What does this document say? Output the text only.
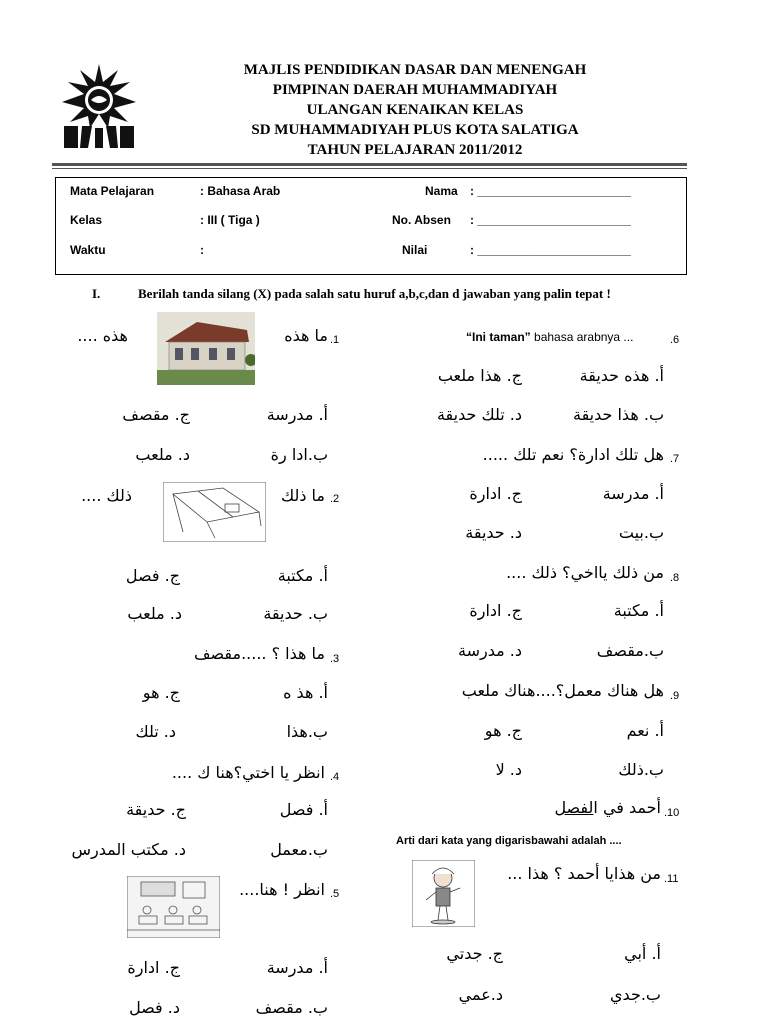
MAJLIS PENDIDIKAN DASAR DAN MENENGAH
PIMPINAN DAERAH MUHAMMADIYAH
ULANGAN KENAIKAN KELAS
SD MUHAMMADIYAH PLUS KOTA SALATIGA
TAHUN PELAJARAN 2011/2012
Mata Pelajaran	: Bahasa Arab
Kelas	: III ( Tiga )
Waktu	:
Nama : _______________________
No. Absen : _______________________
Nilai	: _______________________
I.	Berilah tanda silang (X) pada salah satu huruf a,b,c,dan d jawaban yang palin tepat !
.1
ما هذه
هذه ....
أ. مدرسة
ج. مقصف
ب.ادا رة
د. ملعب
.2
ما ذلك
ذلك ....
أ. مكتبة
ج. فصل
ب. حديقة
د. ملعب
.3
ما هذا ؟ .....مقصف
أ. هذ ه
ج. هو
ب.هذا
د. تلك
.4
انظر يا اختي؟هنا ك ....
أ. فصل
ج. حديقة
ب.معمل
د. مكتب المدرس
.5
انظر ! هنا....
أ. مدرسة
ج. ادارة
ب. مقصف
د. فصل
.6
“Ini taman” bahasa arabnya ...
أ. هذه حديقة
ج. هذا ملعب
ب. هذا حديقة
د. تلك حديقة
.7
هل تلك ادارة؟ نعم تلك .....
أ. مدرسة
ج. ادارة
ب.بيت
د. حديقة
.8
من ذلك يااخي؟ ذلك ....
أ. مكتبة
ج. ادارة
ب.مقصف
د. مدرسة
.9
هل هناك معمل؟....هناك ملعب
أ. نعم
ج. هو
ب.ذلك
د. لا
.10
أحمد في الفصل
Arti dari kata yang digarisbawahi adalah ....
.11
من هذايا أحمد ؟ هذا ...
أ. أبي
ج. جدتي
ب.جدي
د.عمي
